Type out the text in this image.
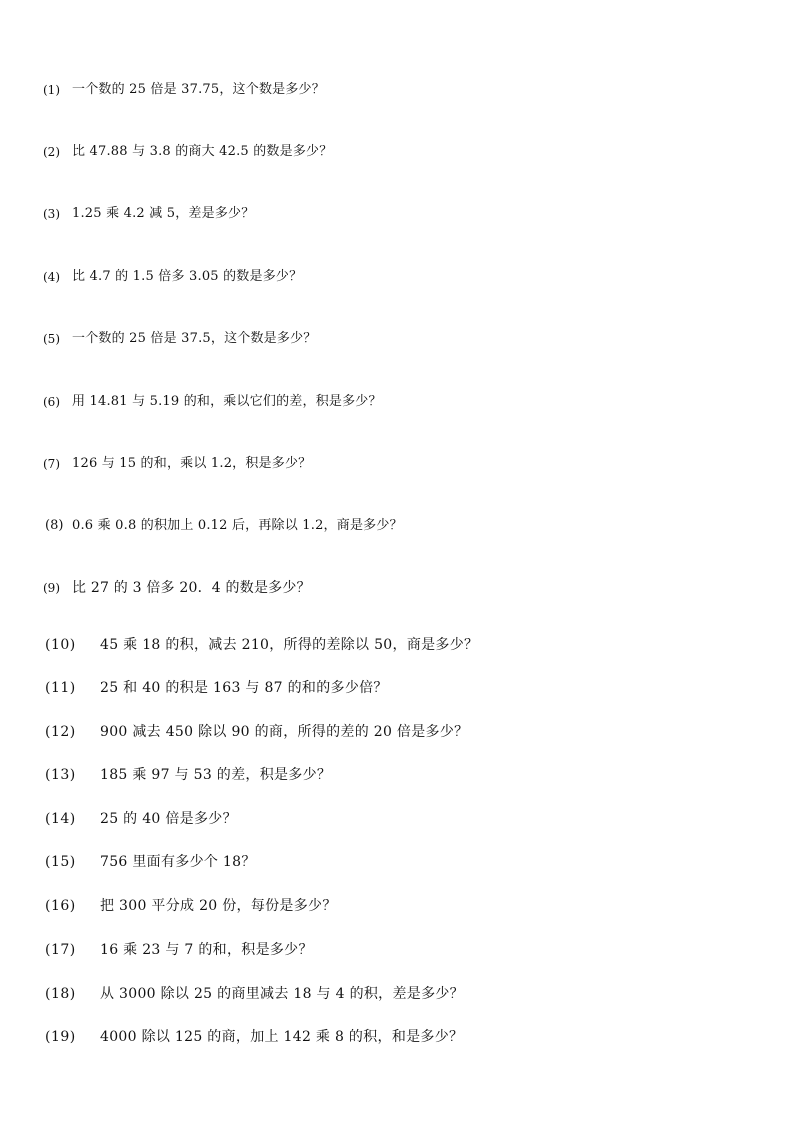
(1) 一个数的 25 倍是 37.75，这个数是多少？
(2) 比 47.88 与 3.8 的商大 42.5 的数是多少？
(3) 1.25 乘 4.2 减 5，差是多少？
(4) 比 4.7 的 1.5 倍多 3.05 的数是多少？
(5) 一个数的 25 倍是 37.5，这个数是多少？
(6) 用 14.81 与 5.19 的和，乘以它们的差，积是多少？
(7) 126 与 15 的和，乘以 1.2，积是多少？
(8) 0.6 乘 0.8 的积加上 0.12 后，再除以 1.2，商是多少？
(9) 比 27 的 3 倍多 20．4 的数是多少？
(10) 45 乘 18 的积，减去 210，所得的差除以 50，商是多少？
(11) 25 和 40 的积是 163 与 87 的和的多少倍？
(12) 900 减去 450 除以 90 的商，所得的差的 20 倍是多少？
(13) 185 乘 97 与 53 的差，积是多少？
(14) 25 的 40 倍是多少？
(15) 756 里面有多少个 18？
(16) 把 300 平分成 20 份，每份是多少？
(17) 16 乘 23 与 7 的和，积是多少？
(18) 从 3000 除以 25 的商里减去 18 与 4 的积，差是多少？
(19) 4000 除以 125 的商，加上 142 乘 8 的积，和是多少？
